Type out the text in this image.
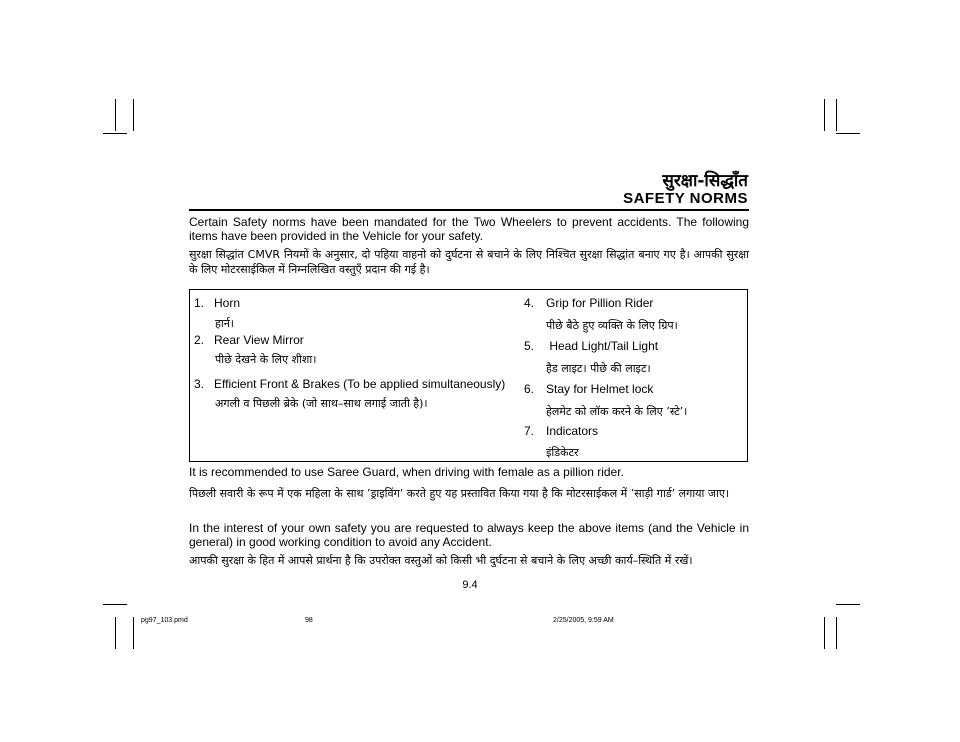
सुरक्षा-सिद्धाँत
SAFETY NORMS
Certain Safety norms have been mandated for the Two Wheelers to prevent accidents. The following items have been provided in the Vehicle for your safety.
सुरक्षा सिद्धांत CMVR नियमों के अनुसार, दो पहिया वाहनो को दुर्घटना से बचाने के लिए निश्चित सुरक्षा सिद्धांत बनाए गए है। आपकी सुरक्षा के लिए मोटरसाईकिल में निम्नलिखित वस्तुएँ प्रदान की गई है।
1. Horn
हार्न।
2. Rear View Mirror
पीछे देखने के लिए शीशा।
3. Efficient Front & Brakes (To be applied simultaneously)
अगली व पिछली ब्रेके (जो साथ–साथ लगाई जाती है)।
4. Grip for Pillion Rider
पीछे बैठे हुए व्यक्ति के लिए ग्रिप।
5. Head Light/Tail Light
हैड लाइट। पीछे की लाइट।
6. Stay for Helmet lock
हेलमेट को लॉक करने के लिए ’स्टे’।
7. Indicators
इंडिकेटर
It is recommended to use Saree Guard, when driving with female as a pillion rider.
पिछली सवारी के रूप में एक महिला के साथ ’ड्राइविंग’ करते हुए यह प्रस्तावित किया गया है कि मोटरसाईकल में ’साड़ी गार्ड’ लगाया जाए।
In the interest of your own safety you are requested to always keep the above items (and the Vehicle in general) in good working condition to avoid any Accident.
आपकी सुरक्षा के हित में आपसे प्रार्थना है कि उपरोक्त वस्तुओं को किसी भी दुर्घटना से बचाने के लिए अच्छी कार्य–स्थिति में रखें।
9.4
pg97_103.pmd	98	2/25/2005, 9:59 AM
